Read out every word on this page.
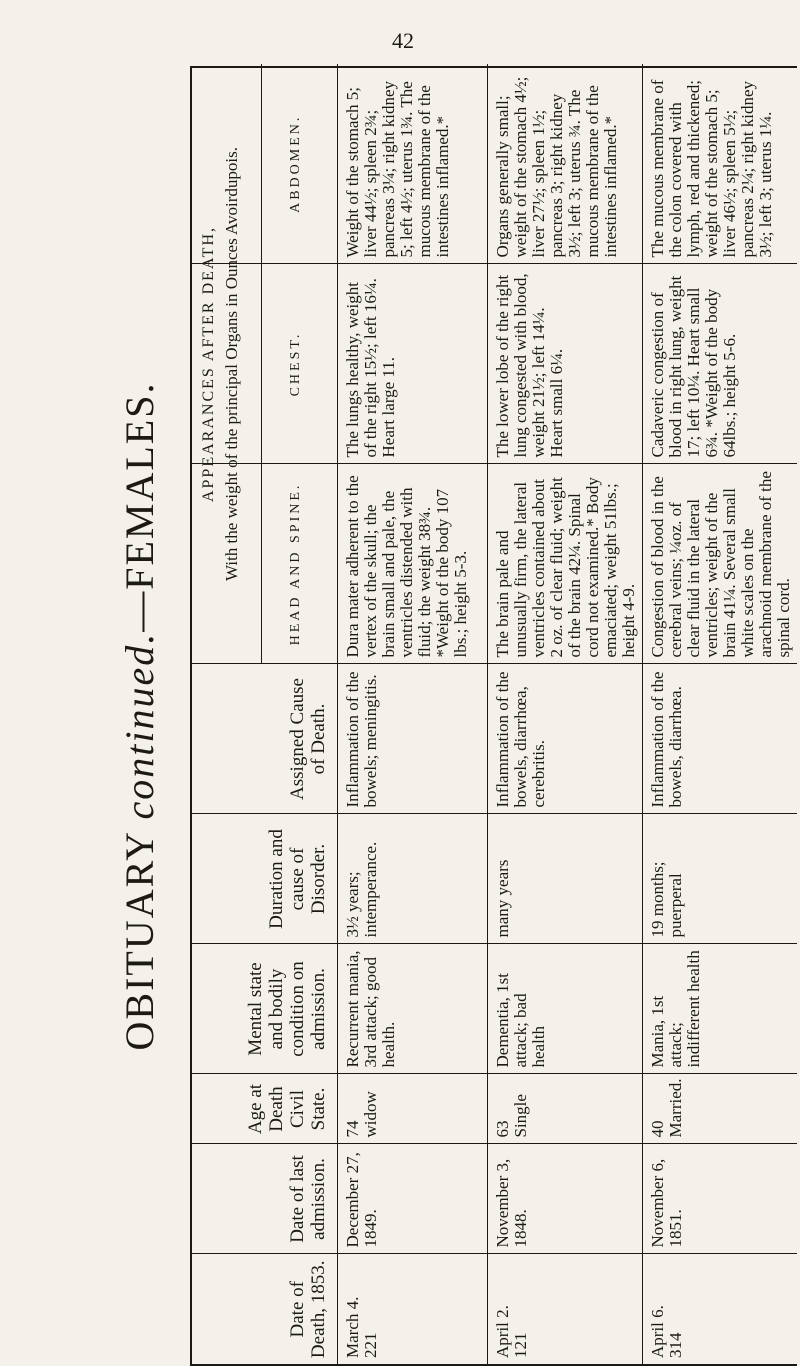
42
OBITUARY continued.—FEMALES.
Date of Death, 1853.	Date of last admission.	Age at Death Civil State.	Mental state and bodily condition on admission.	Duration and cause of Disorder.	Assigned Cause of Death.	HEAD AND SPINE.	CHEST.	ABDOMEN.

March 4. 221	December 27, 1849.	74 widow	Recurrent mania, 3rd attack; good health.	3½ years; intemperance.	Inflammation of the bowels; meningitis.	Dura mater adherent to the vertex of the skull; the brain small and pale, the ventricles distended with fluid; the weight 38¾. *Weight of the body 107 lbs.; height 5-3.	The lungs healthy, weight of the right 15½; left 16¼. Heart large 11.	Weight of the stomach 5; liver 44½; spleen 2¾; pancreas 3¼; right kidney 5; left 4½; uterus 1¾. The mucous membrane of the intestines inflamed.*

April 2. 121	November 3, 1848.	63 Single	Dementia, 1st attack; bad health	many years	Inflammation of the bowels, diarrhœa, cerebritis.	The brain pale and unusually firm, the lateral ventricles contained about 2 oz. of clear fluid; weight of the brain 42¼. Spinal cord not examined.* Body emaciated; weight 51lbs.; height 4-9.	The lower lobe of the right lung congested with blood, weight 21½; left 14¼. Heart small 6¼.	Organs generally small; weight of the stomach 4½; liver 27½; spleen 1½; pancreas 3; right kidney 3½; left 3; uterus ¾. The mucous membrane of the intestines inflamed.*

April 6. 314	November 6, 1851.	40 Married.	Mania, 1st attack; indifferent health	19 months; puerperal	Inflammation of the bowels, diarrhœa.	Congestion of blood in the cerebral veins; ¼oz. of clear fluid in the lateral ventricles; weight of the brain 41¼. Several small white scales on the arachnoid membrane of the spinal cord.	Cadaveric congestion of blood in right lung, weight 17; left 10¼. Heart small 6¾. *Weight of the body 64lbs.; height 5-6.	The mucous membrane of the colon covered with lymph, red and thickened; weight of the stomach 5; liver 46½; spleen 5½; pancreas 2¼; right kidney 3½; left 3; uterus 1¼.
APPEARANCES AFTER DEATH, With the weight of the principal Organs in Ounces Avoirdupois.
